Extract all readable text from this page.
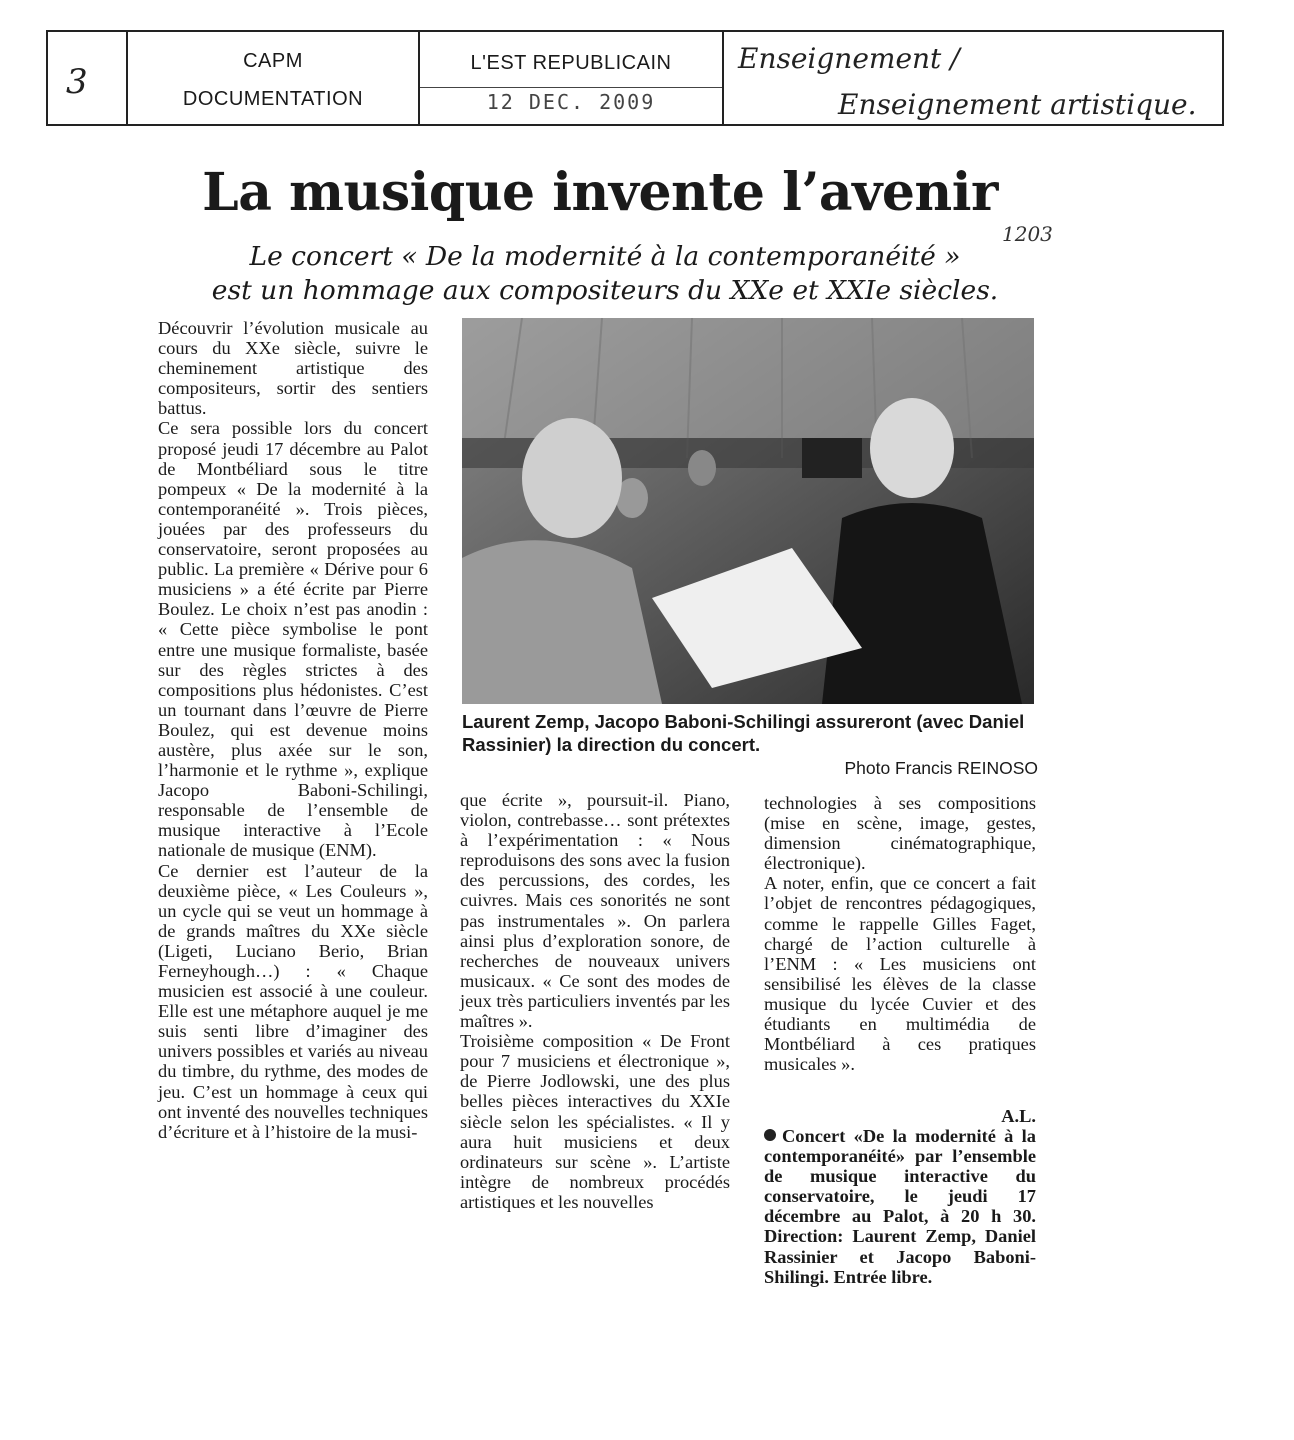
3
CAPM
DOCUMENTATION
L'EST REPUBLICAIN
12 DEC. 2009
Enseignement /
Enseignement artistique.
La musique invente l’avenir
1203
Le concert « De la modernité à la contemporanéité »
est un hommage aux compositeurs du XXe et XXIe siècles.

Découvrir l’évolution musicale au cours du XXe siècle, suivre le cheminement artistique des compositeurs, sortir des sentiers battus.

Ce sera possible lors du concert proposé jeudi 17 décembre au Palot de Montbéliard sous le titre pompeux « De la modernité à la contemporanéité ». Trois pièces, jouées par des professeurs du conservatoire, seront proposées au public. La première « Dérive pour 6 musiciens » a été écrite par Pierre Boulez. Le choix n’est pas anodin : « Cette pièce symbolise le pont entre une musique formaliste, basée sur des règles strictes à des compositions plus hédonistes. C’est un tournant dans l’œuvre de Pierre Boulez, qui est devenue moins austère, plus axée sur le son, l’harmonie et le rythme », explique Jacopo Baboni-Schilingi, responsable de l’ensemble de musique interactive à l’Ecole nationale de musique (ENM).

Ce dernier est l’auteur de la deuxième pièce, « Les Couleurs », un cycle qui se veut un hommage à de grands maîtres du XXe siècle (Ligeti, Luciano Berio, Brian Ferneyhough…) : « Chaque musicien est associé à une couleur. Elle est une métaphore auquel je me suis senti libre d’imaginer des univers possibles et variés au niveau du timbre, du rythme, des modes de jeu. C’est un hommage à ceux qui ont inventé des nouvelles techniques d’écriture et à l’histoire de la musi-

Laurent Zemp, Jacopo Baboni-Schilingi assureront (avec Daniel Rassinier) la direction du concert.
Photo Francis REINOSO

que écrite », poursuit-il. Piano, violon, contrebasse… sont prétextes à l’expérimentation : « Nous reproduisons des sons avec la fusion des percussions, des cordes, les cuivres. Mais ces sonorités ne sont pas instrumentales ». On parlera ainsi plus d’exploration sonore, de recherches de nouveaux univers musicaux. « Ce sont des modes de jeux très particuliers inventés par les maîtres ».

Troisième composition « De Front pour 7 musiciens et électronique », de Pierre Jodlowski, une des plus belles pièces interactives du XXIe siècle selon les spécialistes. « Il y aura huit musiciens et deux ordinateurs sur scène ». L’artiste intègre de nombreux procédés artistiques et les nouvelles

technologies à ses compositions (mise en scène, image, gestes, dimension cinématographique, électronique).

A noter, enfin, que ce concert a fait l’objet de rencontres pédagogiques, comme le rappelle Gilles Faget, chargé de l’action culturelle à l’ENM : « Les musiciens ont sensibilisé les élèves de la classe musique du lycée Cuvier et des étudiants en multimédia de Montbéliard à ces pratiques musicales ».

A.L.
Concert «De la modernité à la contemporanéité» par l’ensemble de musique interactive du conservatoire, le jeudi 17 décembre au Palot, à 20 h 30. Direction: Laurent Zemp, Daniel Rassinier et Jacopo Baboni-Shilingi. Entrée libre.
